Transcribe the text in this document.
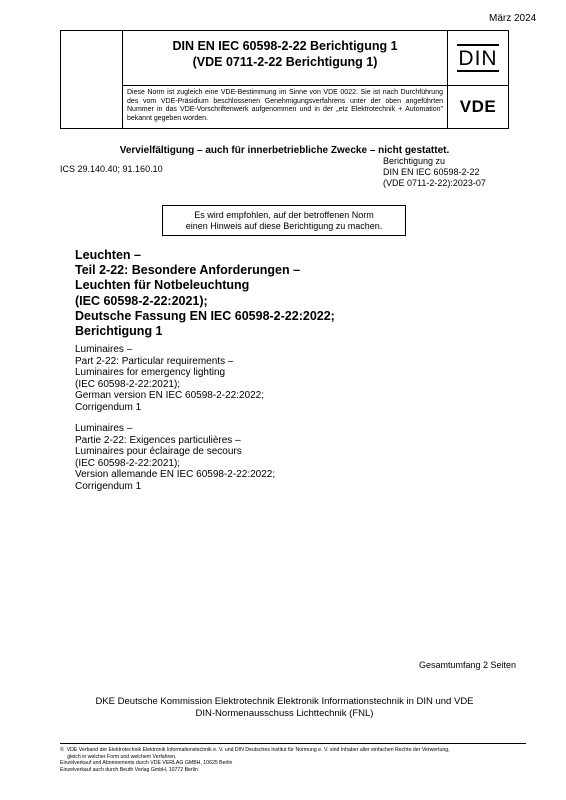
März 2024
DIN EN IEC 60598-2-22 Berichtigung 1
(VDE 0711-2-22 Berichtigung 1)	DIN
Diese Norm ist zugleich eine VDE-Bestimmung im Sinne von VDE 0022. Sie ist nach Durchführung des vom VDE-Präsidium beschlossenen Genehmigungsverfahrens unter der oben angeführten Nummer in das VDE-Vorschriftenwerk aufgenommen und in der „etz Elektrotechnik + Automation" bekannt gegeben worden.
VDE
Vervielfältigung – auch für innerbetriebliche Zwecke – nicht gestattet.
ICS 29.140.40; 91.160.10
Berichtigung zu
DIN EN IEC 60598-2-22
(VDE 0711-2-22):2023-07
Es wird empfohlen, auf der betroffenen Norm
einen Hinweis auf diese Berichtigung zu machen.
Leuchten –
Teil 2-22: Besondere Anforderungen –
Leuchten für Notbeleuchtung
(IEC 60598-2-22:2021);
Deutsche Fassung EN IEC 60598-2-22:2022;
Berichtigung 1
Luminaires –
Part 2-22: Particular requirements –
Luminaires for emergency lighting
(IEC 60598-2-22:2021);
German version EN IEC 60598-2-22:2022;
Corrigendum 1
Luminaires –
Partie 2-22: Exigences particulières –
Luminaires pour éclairage de secours
(IEC 60598-2-22:2021);
Version allemande EN IEC 60598-2-22:2022;
Corrigendum 1
Gesamtumfang 2 Seiten
DKE Deutsche Kommission Elektrotechnik Elektronik Informationstechnik in DIN und VDE
DIN-Normenausschuss Lichttechnik (FNL)
©  VDE Verband der Elektrotechnik Elektronik Informationstechnik e. V. und DIN Deutsches Institut für Normung e. V. sind Inhaber aller einfachen Rechte der Verwertung,
gleich in welcher Form und welchem Verfahren.
Einzelverkauf und Abonnements durch VDE VERLAG GMBH, 10625 Berlin
Einzelverkauf auch durch Beuth Verlag GmbH, 10772 Berlin
